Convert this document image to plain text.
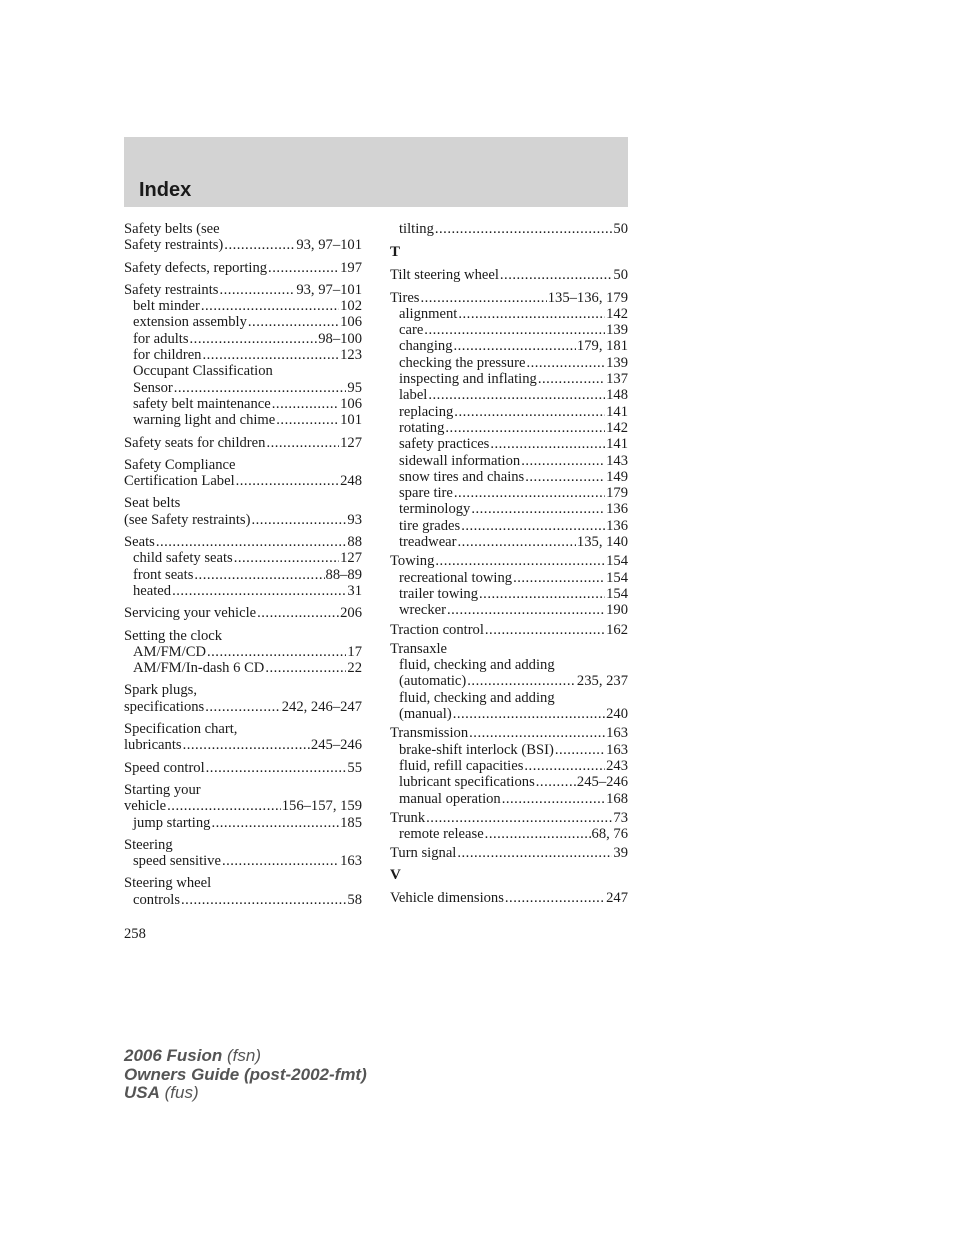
Index
Safety belts (see
Safety restraints) .....	93, 97–101
Safety defects, reporting .....	197
Safety restraints .....	93, 97–101
belt minder .....	102
extension assembly .....	106
for adults .....	98–100
for children .....	123
Occupant Classification
Sensor .....	95
safety belt maintenance .....	106
warning light and chime .....	101
Safety seats for children .....	127
Safety Compliance
Certification Label .....	248
Seat belts
(see Safety restraints) .....	93
Seats .....	88
child safety seats .....	127
front seats .....	88–89
heated .....	31
Servicing your vehicle .....	206
Setting the clock
AM/FM/CD .....	17
AM/FM/In-dash 6 CD .....	22
Spark plugs,
specifications .....	242, 246–247
Specification chart,
lubricants .....	245–246
Speed control .....	55
Starting your
vehicle .....	156–157, 159
jump starting .....	185
Steering
speed sensitive .....	163
Steering wheel
controls .....	58
tilting .....	50
T
Tilt steering wheel .....	50
Tires .....	135–136, 179
alignment .....	142
care .....	139
changing .....	179, 181
checking the pressure .....	139
inspecting and inflating .....	137
label .....	148
replacing .....	141
rotating .....	142
safety practices .....	141
sidewall information .....	143
snow tires and chains .....	149
spare tire .....	179
terminology .....	136
tire grades .....	136
treadwear .....	135, 140
Towing .....	154
recreational towing .....	154
trailer towing .....	154
wrecker .....	190
Traction control .....	162
Transaxle
fluid, checking and adding
(automatic) .....	235, 237
fluid, checking and adding
(manual) .....	240
Transmission .....	163
brake-shift interlock (BSI) .....	163
fluid, refill capacities .....	243
lubricant specifications .....	245–246
manual operation .....	168
Trunk .....	73
remote release .....	68, 76
Turn signal .....	39
V
Vehicle dimensions .....	247
258
2006 Fusion (fsn)
Owners Guide (post-2002-fmt)
USA (fus)
